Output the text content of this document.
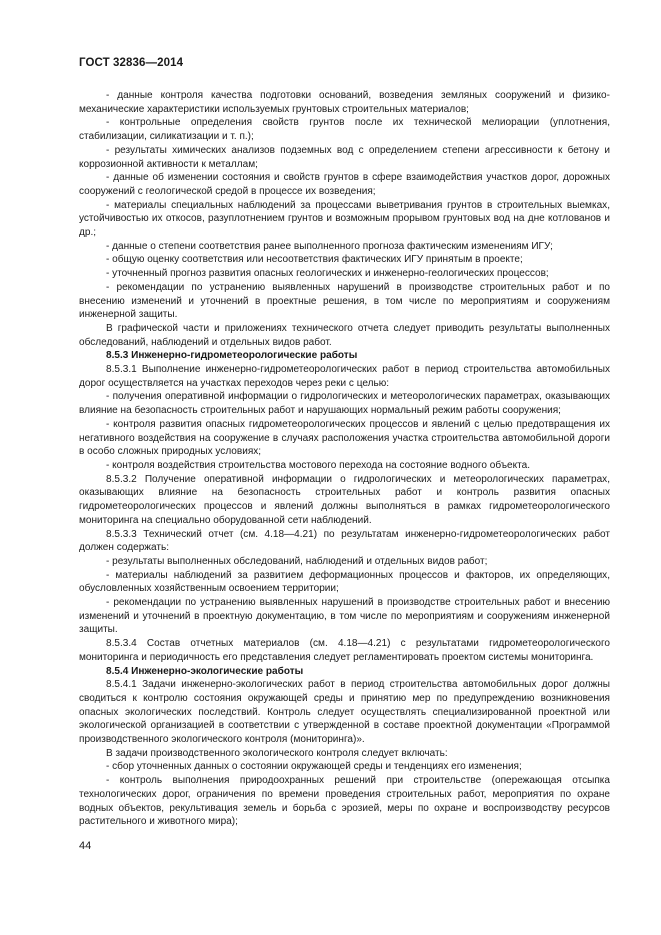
ГОСТ 32836—2014

- данные контроля качества подготовки оснований, возведения земляных сооружений и физико-механические характеристики используемых грунтовых строительных материалов;

- контрольные определения свойств грунтов после их технической мелиорации (уплотнения, стабилизации, силикатизации и т. п.);

- результаты химических анализов подземных вод с определением степени агрессивности к бетону и коррозионной активности к металлам;

- данные об изменении состояния и свойств грунтов в сфере взаимодействия участков дорог, дорожных сооружений с геологической средой в процессе их возведения;

- материалы специальных наблюдений за процессами выветривания грунтов в строительных выемках, устойчивостью их откосов, разуплотнением грунтов и возможным прорывом грунтовых вод на дне котлованов и др.;

- данные о степени соответствия ранее выполненного прогноза фактическим изменениям ИГУ;

- общую оценку соответствия или несоответствия фактических ИГУ принятым в проекте;

- уточненный прогноз развития опасных геологических и инженерно-геологических процессов;

- рекомендации по устранению выявленных нарушений в производстве строительных работ и по внесению изменений и уточнений в проектные решения, в том числе по мероприятиям и сооружениям инженерной защиты.

В графической части и приложениях технического отчета следует приводить результаты выполненных обследований, наблюдений и отдельных видов работ.

8.5.3 Инженерно-гидрометеорологические работы

8.5.3.1 Выполнение инженерно-гидрометеорологических работ в период строительства автомобильных дорог осуществляется на участках переходов через реки с целью:

- получения оперативной информации о гидрологических и метеорологических параметрах, оказывающих влияние на безопасность строительных работ и нарушающих нормальный режим работы сооружения;

- контроля развития опасных гидрометеорологических процессов и явлений с целью предотвращения их негативного воздействия на сооружение в случаях расположения участка строительства автомобильной дороги в особо сложных природных условиях;

- контроля воздействия строительства мостового перехода на состояние водного объекта.

8.5.3.2 Получение оперативной информации о гидрологических и метеорологических параметрах, оказывающих влияние на безопасность строительных работ и контроль развития опасных гидрометеорологических процессов и явлений должны выполняться в рамках гидрометеорологического мониторинга на специально оборудованной сети наблюдений.

8.5.3.3 Технический отчет (см. 4.18—4.21) по результатам инженерно-гидрометеорологических работ должен содержать:

- результаты выполненных обследований, наблюдений и отдельных видов работ;

- материалы наблюдений за развитием деформационных процессов и факторов, их определяющих, обусловленных хозяйственным освоением территории;

- рекомендации по устранению выявленных нарушений в производстве строительных работ и внесению изменений и уточнений в проектную документацию, в том числе по мероприятиям и сооружениям инженерной защиты.

8.5.3.4 Состав отчетных материалов (см. 4.18—4.21) с результатами гидрометеорологического мониторинга и периодичность его представления следует регламентировать проектом системы мониторинга.

8.5.4 Инженерно-экологические работы

8.5.4.1 Задачи инженерно-экологических работ в период строительства автомобильных дорог должны сводиться к контролю состояния окружающей среды и принятию мер по предупреждению возникновения опасных экологических последствий. Контроль следует осуществлять специализированной проектной или экологической организацией в соответствии с утвержденной в составе проектной документации «Программой производственного экологического контроля (мониторинга)».

В задачи производственного экологического контроля следует включать:

- сбор уточненных данных о состоянии окружающей среды и тенденциях его изменения;

- контроль выполнения природоохранных решений при строительстве (опережающая отсыпка технологических дорог, ограничения по времени проведения строительных работ, мероприятия по охране водных объектов, рекультивация земель и борьба с эрозией, меры по охране и воспроизводству ресурсов растительного и животного мира);

44
